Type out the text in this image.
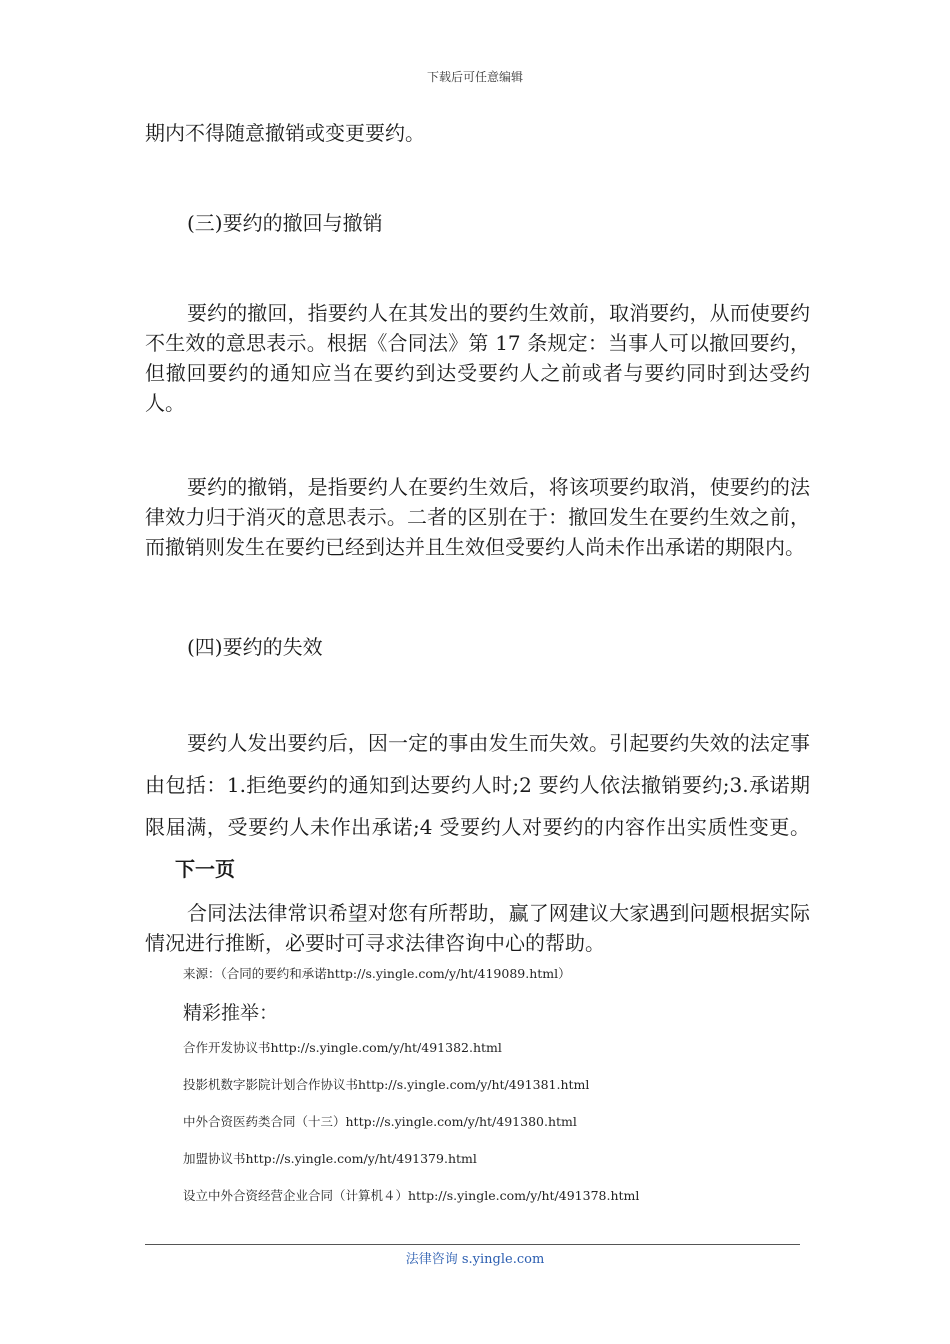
下载后可任意编辑

期内不得随意撤销或变更要约。

(三)要约的撤回与撤销

要约的撤回，指要约人在其发出的要约生效前，取消要约，从而使要约不生效的意思表示。根据《合同法》第 17 条规定：当事人可以撤回要约，但撤回要约的通知应当在要约到达受要约人之前或者与要约同时到达受约人。

要约的撤销，是指要约人在要约生效后，将该项要约取消，使要约的法律效力归于消灭的意思表示。二者的区别在于：撤回发生在要约生效之前，而撤销则发生在要约已经到达并且生效但受要约人尚未作出承诺的期限内。

(四)要约的失效

要约人发出要约后，因一定的事由发生而失效。引起要约失效的法定事由包括：1.拒绝要约的通知到达要约人时;2 要约人依法撤销要约;3.承诺期限届满，受要约人未作出承诺;4 受要约人对要约的内容作出实质性变更。下一页

合同法法律常识希望对您有所帮助，赢了网建议大家遇到问题根据实际情况进行推断，必要时可寻求法律咨询中心的帮助。

来源：（合同的要约和承诺http://s.yingle.com/y/ht/419089.html）
精彩推举：
合作开发协议书http://s.yingle.com/y/ht/491382.html
投影机数字影院计划合作协议书http://s.yingle.com/y/ht/491381.html
中外合资医药类合同（十三）http://s.yingle.com/y/ht/491380.html
加盟协议书http://s.yingle.com/y/ht/491379.html
设立中外合资经营企业合同（计算机４）http://s.yingle.com/y/ht/491378.html
法律咨询 s.yingle.com
